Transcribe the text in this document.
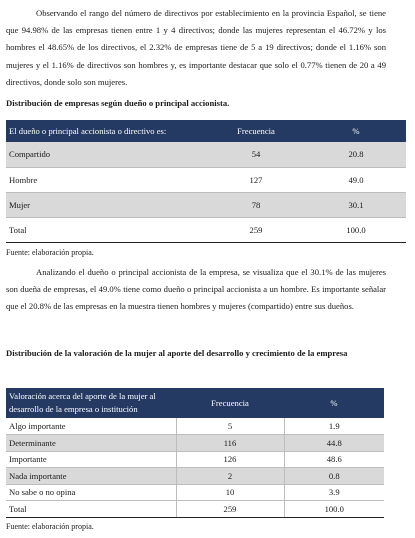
Observando el rango del número de directivos por establecimiento en la provincia Español, se tiene que 94.98% de las empresas tienen entre 1 y 4 directivos; donde las mujeres representan el 46.72% y los hombres el 48.65% de los directivos, el 2.32% de empresas tiene de 5 a 19 directivos; donde el 1.16% son mujeres y el 1.16% de directivos son hombres y, es importante destacar que solo el 0.77% tienen de 20 a 49 directivos, donde solo son mujeres.

Distribución de empresas según dueño o principal accionista.

El dueño o principal accionista o directivo es:	Frecuencia	%
Compartido	54	20.8
Hombre	127	49.0
Mujer	78	30.1
Total	259	100.0

Fuente: elaboración propia.

Analizando el dueño o principal accionista de la empresa, se visualiza que el 30.1% de las mujeres son dueña de empresas, el 49.0% tiene como dueño o principal accionista a un hombre. Es importante señalar que el 20.8% de las empresas en la muestra tienen hombres y mujeres (compartido) entre sus dueños.

Distribución de la valoración de la mujer al aporte del desarrollo y crecimiento de la empresa

Valoración acerca del aporte de la mujer al desarrollo de la empresa o institución	Frecuencia	%
Algo importante	5	1.9
Determinante	116	44.8
Importante	126	48.6
Nada importante	2	0.8
No sabe o no opina	10	3.9
Total	259	100.0

Fuente: elaboración propia.
